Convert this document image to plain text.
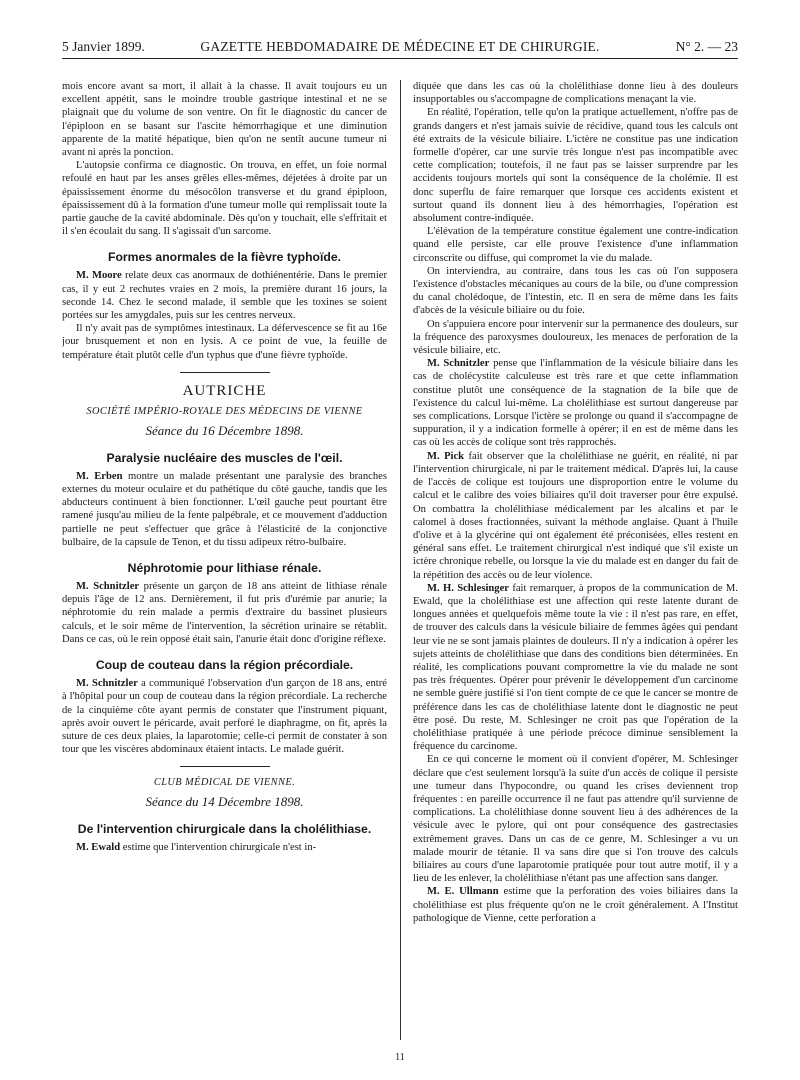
5 Janvier 1899.	GAZETTE HEBDOMADAIRE DE MÉDECINE ET DE CHIRURGIE.	N° 2. — 23

mois encore avant sa mort, il allait à la chasse. Il avait toujours eu un excellent appétit, sans le moindre trouble gastrique intestinal et ne se plaignait que du volume de son ventre. On fit le diagnostic du cancer de l'épiploon en se basant sur l'ascite hémorrhagique et une diminution apparente de la matité hépatique, bien qu'on ne sentît aucune tumeur ni avant ni après la ponction.

L'autopsie confirma ce diagnostic. On trouva, en effet, un foie normal refoulé en haut par les anses grêles elles-mêmes, déjetées à droite par un épaississement énorme du mésocôlon transverse et du grand épiploon, épaississement dû à la formation d'une tumeur molle qui remplissait toute la partie gauche de la cavité abdominale. Dès qu'on y touchait, elle s'effritait et il s'en écoulait du sang. Il s'agissait d'un sarcome.

Formes anormales de la fièvre typhoïde.

M. Moore relate deux cas anormaux de dothiénentérie. Dans le premier cas, il y eut 2 rechutes vraies en 2 mois, la première durant 16 jours, la seconde 14. Chez le second malade, il semble que les toxines se soient portées sur les amygdales, puis sur les centres nerveux.

Il n'y avait pas de symptômes intestinaux. La défervescence se fit au 16e jour brusquement et non en lysis. A ce point de vue, la feuille de température était plutôt celle d'un typhus que d'une fièvre typhoïde.

AUTRICHE
SOCIÉTÉ IMPÉRIO-ROYALE DES MÉDECINS DE VIENNE
Séance du 16 Décembre 1898.
Paralysie nucléaire des muscles de l'œil.

M. Erben montre un malade présentant une paralysie des branches externes du moteur oculaire et du pathétique du côté gauche, tandis que les abducteurs continuent à bien fonctionner. L'œil gauche peut pourtant être ramené jusqu'au milieu de la fente palpébrale, et ce mouvement d'adduction partielle ne peut s'effectuer que grâce à l'élasticité de la conjonctive bulbaire, de la capsule de Tenon, et du tissu adipeux rétro-bulbaire.

Néphrotomie pour lithiase rénale.

M. Schnitzler présente un garçon de 18 ans atteint de lithiase rénale depuis l'âge de 12 ans. Dernièrement, il fut pris d'urémie par anurie; la néphrotomie du rein malade a permis d'extraire du bassinet plusieurs calculs, et le soir même de l'intervention, la sécrétion urinaire se rétablit. Dans ce cas, où le rein opposé était sain, l'anurie était donc d'origine réflexe.

Coup de couteau dans la région précordiale.

M. Schnitzler a communiqué l'observation d'un garçon de 18 ans, entré à l'hôpital pour un coup de couteau dans la région précordiale. La recherche de la cinquième côte ayant permis de constater que l'instrument piquant, après avoir ouvert le péricarde, avait perforé le diaphragme, on fit, après la suture de ces deux plaies, la laparotomie; celle-ci permit de constater à son tour que les viscères abdominaux étaient intacts. Le malade guérit.

CLUB MÉDICAL DE VIENNE.
Séance du 14 Décembre 1898.
De l'intervention chirurgicale dans la cholélithiase.

M. Ewald estime que l'intervention chirurgicale n'est in-

diquée que dans les cas où la cholélithiase donne lieu à des douleurs insupportables ou s'accompagne de complications menaçant la vie.

En réalité, l'opération, telle qu'on la pratique actuellement, n'offre pas de grands dangers et n'est jamais suivie de récidive, quand tous les calculs ont été extraits de la vésicule biliaire. L'ictère ne constitue pas une indication formelle d'opérer, car une survie très longue n'est pas incompatible avec cette complication; toutefois, il ne faut pas se laisser surprendre par les accidents toujours mortels qui sont la conséquence de la cholémie. Il est donc superflu de faire remarquer que lorsque ces accidents existent et surtout quand ils donnent lieu à des hémorrhagies, l'opération est absolument contre-indiquée.

L'élévation de la température constitue également une contre-indication quand elle persiste, car elle prouve l'existence d'une inflammation circonscrite ou diffuse, qui compromet la vie du malade.

On interviendra, au contraire, dans tous les cas où l'on supposera l'existence d'obstacles mécaniques au cours de la bile, ou d'une compression du canal cholédoque, de l'intestin, etc. Il en sera de même dans les faits d'abcès de la vésicule biliaire ou du foie.

On s'appuiera encore pour intervenir sur la permanence des douleurs, sur la fréquence des paroxysmes douloureux, les menaces de perforation de la vésicule biliaire, etc.

M. Schnitzler pense que l'inflammation de la vésicule biliaire dans les cas de cholécystite calculeuse est très rare et que cette inflammation constitue plutôt une conséquence de la stagnation de la bile que de l'existence du calcul lui-même. La cholélithiase est surtout dangereuse par ses complications. Lorsque l'ictère se prolonge ou quand il s'accompagne de suppuration, il y a indication formelle à opérer; il en est de même dans les cas où les accès de colique sont très rapprochés.

M. Pick fait observer que la cholélithiase ne guérit, en réalité, ni par l'intervention chirurgicale, ni par le traitement médical. D'après lui, la cause de l'accès de colique est toujours une disproportion entre le volume du calcul et le calibre des voies biliaires qu'il doit traverser pour être expulsé. On combattra la cholélithiase médicalement par les alcalins et par le calomel à doses fractionnées, suivant la méthode anglaise. Quant à l'huile d'olive et à la glycérine qui ont également été préconisées, elles restent en général sans effet. Le traitement chirurgical n'est indiqué que s'il existe un ictère chronique rebelle, ou lorsque la vie du malade est en danger du fait de la répétition des accès ou de leur violence.

M. H. Schlesinger fait remarquer, à propos de la communication de M. Ewald, que la cholélithiase est une affection qui reste latente durant de longues années et quelquefois même toute la vie : il n'est pas rare, en effet, de trouver des calculs dans la vésicule biliaire de femmes âgées qui pendant leur vie ne se sont jamais plaintes de douleurs. Il n'y a indication à opérer les sujets atteints de cholélithiase que dans des conditions bien déterminées. En réalité, les complications pouvant compromettre la vie du malade ne sont pas très fréquentes. Opérer pour prévenir le développement d'un carcinome ne semble guère justifié si l'on tient compte de ce que le cancer se montre de préférence dans les cas de cholélithiase latente dont le diagnostic ne peut être posé. Du reste, M. Schlesinger ne croit pas que l'opération de la cholélithiase pratiquée à une période précoce diminue sensiblement la fréquence du carcinome.

En ce qui concerne le moment où il convient d'opérer, M. Schlesinger déclare que c'est seulement lorsqu'à la suite d'un accès de colique il persiste une tumeur dans l'hypocondre, ou quand les crises deviennent trop fréquentes : en pareille occurrence il ne faut pas attendre qu'il survienne de complications. La cholélithiase donne souvent lieu à des adhérences de la vésicule avec le pylore, qui ont pour conséquence des gastrectasies extrêmement graves. Dans un cas de ce genre, M. Schlesinger a vu un malade mourir de tétanie. Il va sans dire que si l'on trouve des calculs biliaires au cours d'une laparotomie pratiquée pour tout autre motif, il y a lieu de les enlever, la cholélithiase n'étant pas une affection sans danger.

M. E. Ullmann estime que la perforation des voies biliaires dans la cholélithiase est plus fréquente qu'on ne le croit généralement. A l'Institut pathologique de Vienne, cette perforation a

11
